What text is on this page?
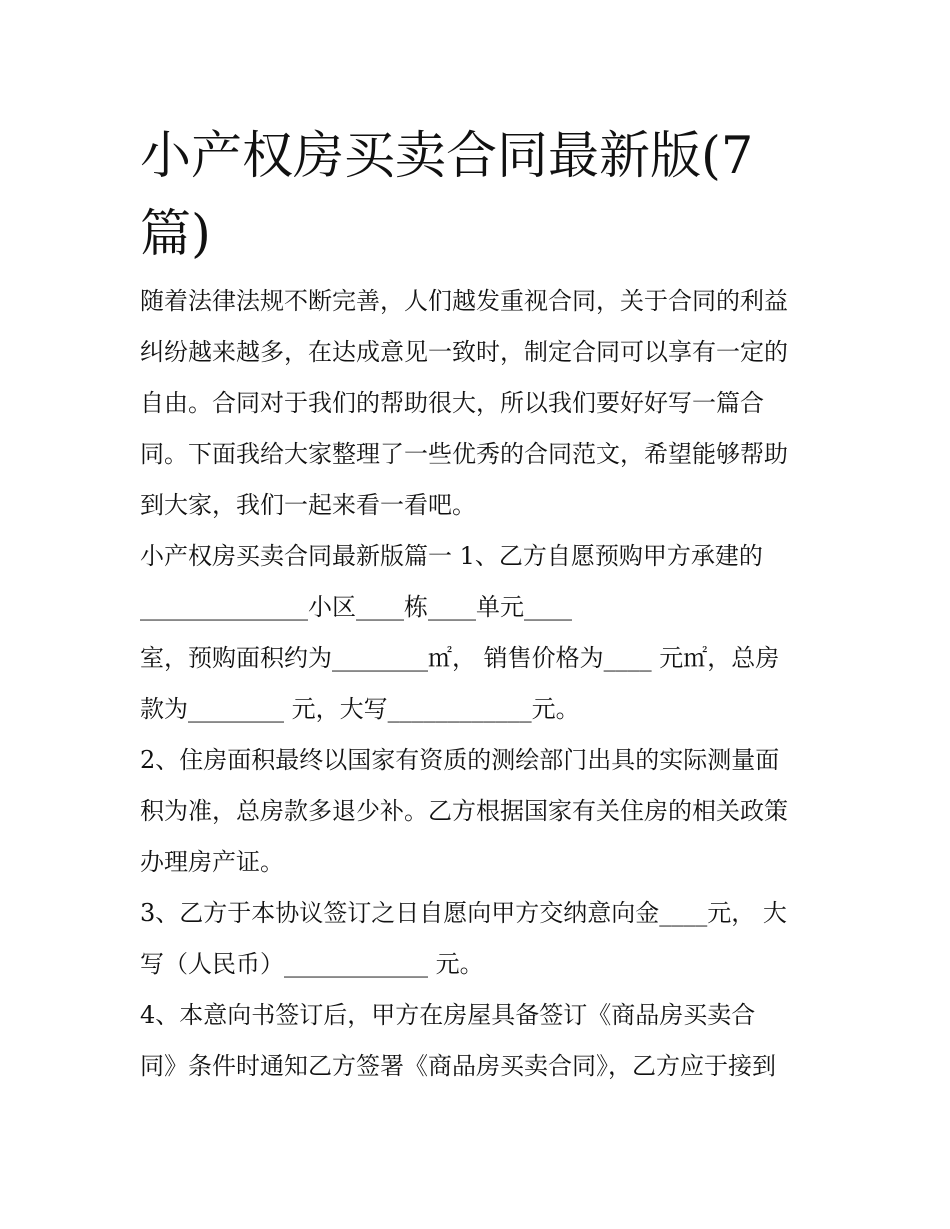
小产权房买卖合同最新版(7篇)
随着法律法规不断完善，人们越发重视合同，关于合同的利益
纠纷越来越多，在达成意见一致时，制定合同可以享有一定的
自由。合同对于我们的帮助很大，所以我们要好好写一篇合
同。下面我给大家整理了一些优秀的合同范文，希望能够帮助
到大家，我们一起来看一看吧。
小产权房买卖合同最新版篇一 1、乙方自愿预购甲方承建的
______________小区____栋____单元____
室，预购面积约为________㎡， 销售价格为____ 元㎡，总房
款为________ 元，大写____________元。
2、住房面积最终以国家有资质的测绘部门出具的实际测量面
积为准，总房款多退少补。乙方根据国家有关住房的相关政策
办理房产证。
3、乙方于本协议签订之日自愿向甲方交纳意向金____元， 大
写（人民币）____________ 元。
4、本意向书签订后，甲方在房屋具备签订《商品房买卖合
同》条件时通知乙方签署《商品房买卖合同》，乙方应于接到
